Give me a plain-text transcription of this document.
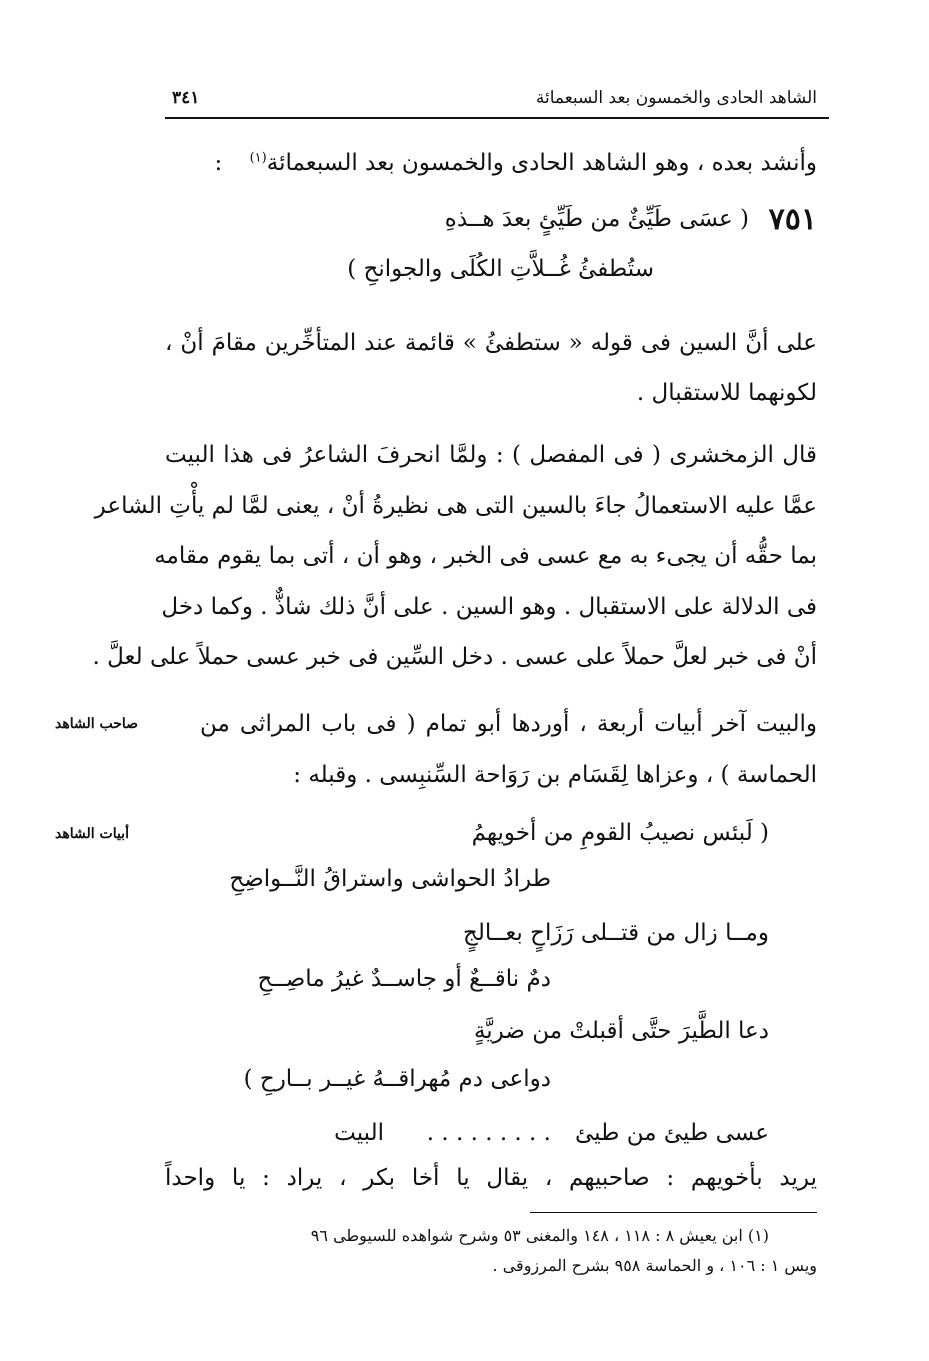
الشاهد الحادى والخمسون بعد السبعمائة
٣٤١
وأنشد بعده ، وهو الشاهد الحادى والخمسون بعد السبعمائة$^{(١)}$ :
٧٥١
( عسَى طَيِّئٌ من طَيِّئٍ بعدَ هــذهِ
ستُطفئُ غُــلاَّتِ الكُلَى والجوانحِ )
على أنَّ السين فى قوله « ستطفئُ » قائمة عند المتأخِّرين مقامَ أنْ ،
لكونهما للاستقبال .
قال الزمخشرى ( فى المفصل ) : ولمَّا انحرفَ الشاعرُ فى هذا البيت
عمَّا عليه الاستعمالُ جاءَ بالسين التى هى نظيرةُ أنْ ، يعنى لمَّا لم يأْتِ الشاعر
بما حقُّه أن يجىء به مع عسى فى الخبر ، وهو أن ، أتى بما يقوم مقامه
فى الدلالة على الاستقبال . وهو السين . على أنَّ ذلك شاذٌّ . وكما دخل
أنْ فى خبر لعلَّ حملاً على عسى . دخل السِّين فى خبر عسى حملاً على لعلَّ .
والبيت آخر أبيات أربعة ، أوردها أبو تمام ( فى باب المراثى من
صاحب الشاهد
الحماسة ) ، وعزاها لِقَسَام بن رَوَاحة السِّنبِسى . وقبله :
أبيات الشاهد	( لَبئس نصيبُ القومِ من أخويهمُ
طرادُ الحواشى واستراقُ النَّــواضِحِ
ومــا زال من قتــلى رَزَاحٍ بعــالجٍ
دمٌ ناقــعٌ أو جاســدٌ غيرُ ماصِــحِ
دعا الطَّيرَ حتَّى أقبلتْ من ضريَّةٍ
دواعى دم مُهراقــهُ غيــر بــارحِ )
عسى طيئ من طيئ
. . . . . . . . .
البيت
يريد بأخويهم : صاحبيهم ، يقال يا أخا بكر ، يراد : يا واحداً
(١) ابن يعيش ٨ : ١١٨ ، ١٤٨ والمغنى ٥٣ وشرح شواهده للسيوطى ٩٦
ويس ١ : ١٠٦ ، و الحماسة ٩٥٨ بشرح المرزوقى .
